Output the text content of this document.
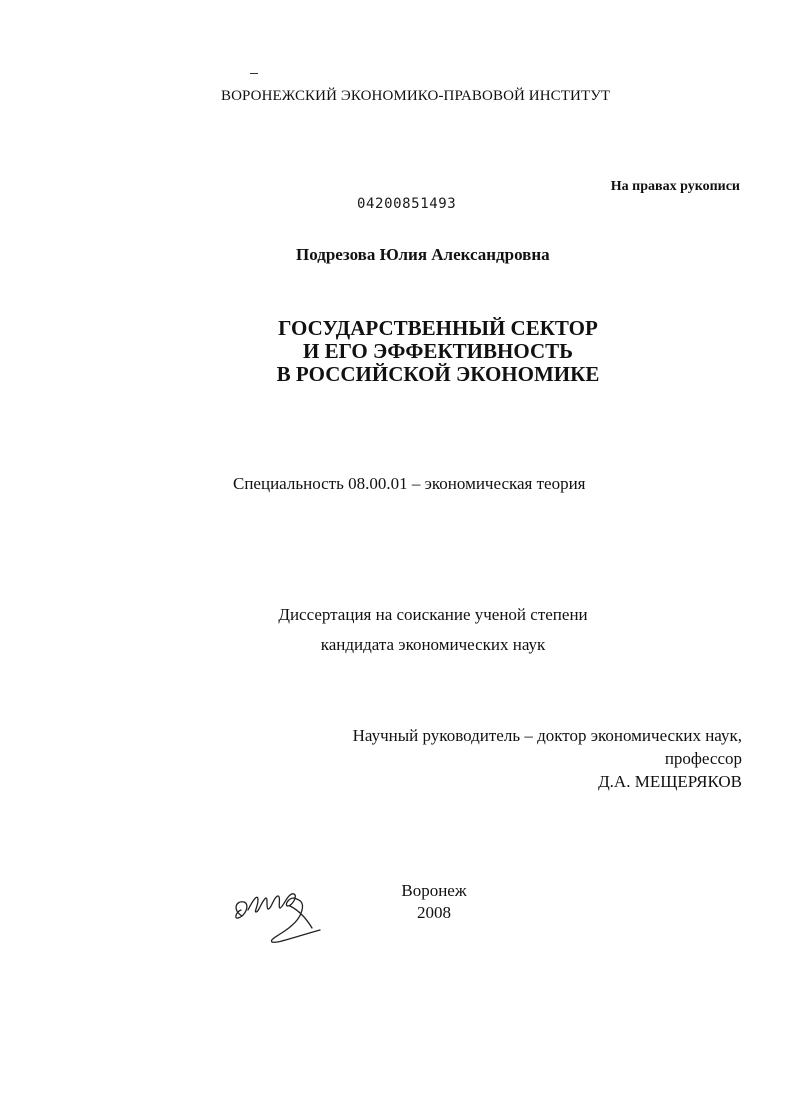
ВОРОНЕЖСКИЙ ЭКОНОМИКО-ПРАВОВОЙ ИНСТИТУТ
На правах рукописи
04200851493
Подрезова Юлия Александровна
ГОСУДАРСТВЕННЫЙ СЕКТОР
И ЕГО ЭФФЕКТИВНОСТЬ
В РОССИЙСКОЙ ЭКОНОМИКЕ
Специальность 08.00.01 – экономическая теория
Диссертация на соискание ученой степени
кандидата экономических наук
Научный руководитель – доктор экономических наук,
профессор
Д.А. МЕЩЕРЯКОВ
Воронеж
2008
